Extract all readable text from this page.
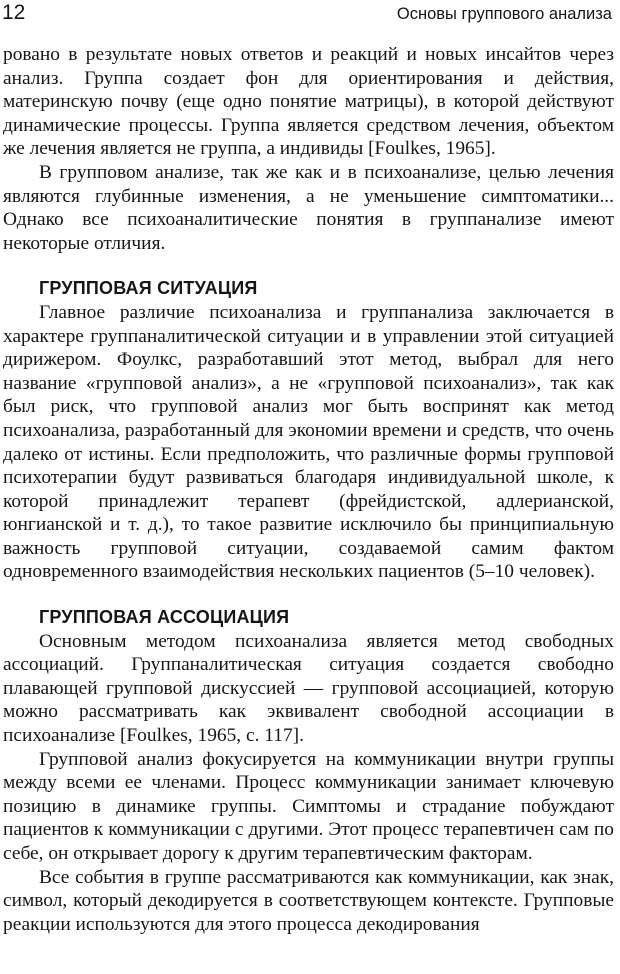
12	Основы группового анализа

ровано в результате новых ответов и реакций и новых инсайтов через анализ. Группа создает фон для ориентирования и действия, материнскую почву (еще одно понятие матрицы), в которой действуют динамические процессы. Группа является средством лечения, объектом же лечения является не группа, а индивиды [Foulkes, 1965].

В групповом анализе, так же как и в психоанализе, целью лечения являются глубинные изменения, а не уменьшение симптоматики... Однако все психоаналитические понятия в группанализе имеют некоторые отличия.

ГРУППОВАЯ СИТУАЦИЯ

Главное различие психоанализа и группанализа заключается в характере группаналитической ситуации и в управлении этой ситуацией дирижером. Фоулкс, разработавший этот метод, выбрал для него название «групповой анализ», а не «групповой психоанализ», так как был риск, что групповой анализ мог быть воспринят как метод психоанализа, разработанный для экономии времени и средств, что очень далеко от истины. Если предположить, что различные формы групповой психотерапии будут развиваться благодаря индивидуальной школе, к которой принадлежит терапевт (фрейдистской, адлерианской, юнгианской и т. д.), то такое развитие исключило бы принципиальную важность групповой ситуации, создаваемой самим фактом одновременного взаимодействия нескольких пациентов (5–10 человек).

ГРУППОВАЯ АССОЦИАЦИЯ

Основным методом психоанализа является метод свободных ассоциаций. Группаналитическая ситуация создается свободно плавающей групповой дискуссией — групповой ассоциацией, которую можно рассматривать как эквивалент свободной ассоциации в психоанализе [Foulkes, 1965, с. 117].

Групповой анализ фокусируется на коммуникации внутри группы между всеми ее членами. Процесс коммуникации занимает ключевую позицию в динамике группы. Симптомы и страдание побуждают пациентов к коммуникации с другими. Этот процесс терапевтичен сам по себе, он открывает дорогу к другим терапевтическим факторам.

Все события в группе рассматриваются как коммуникации, как знак, символ, который декодируется в соответствующем контексте. Групповые реакции используются для этого процесса декодирования
